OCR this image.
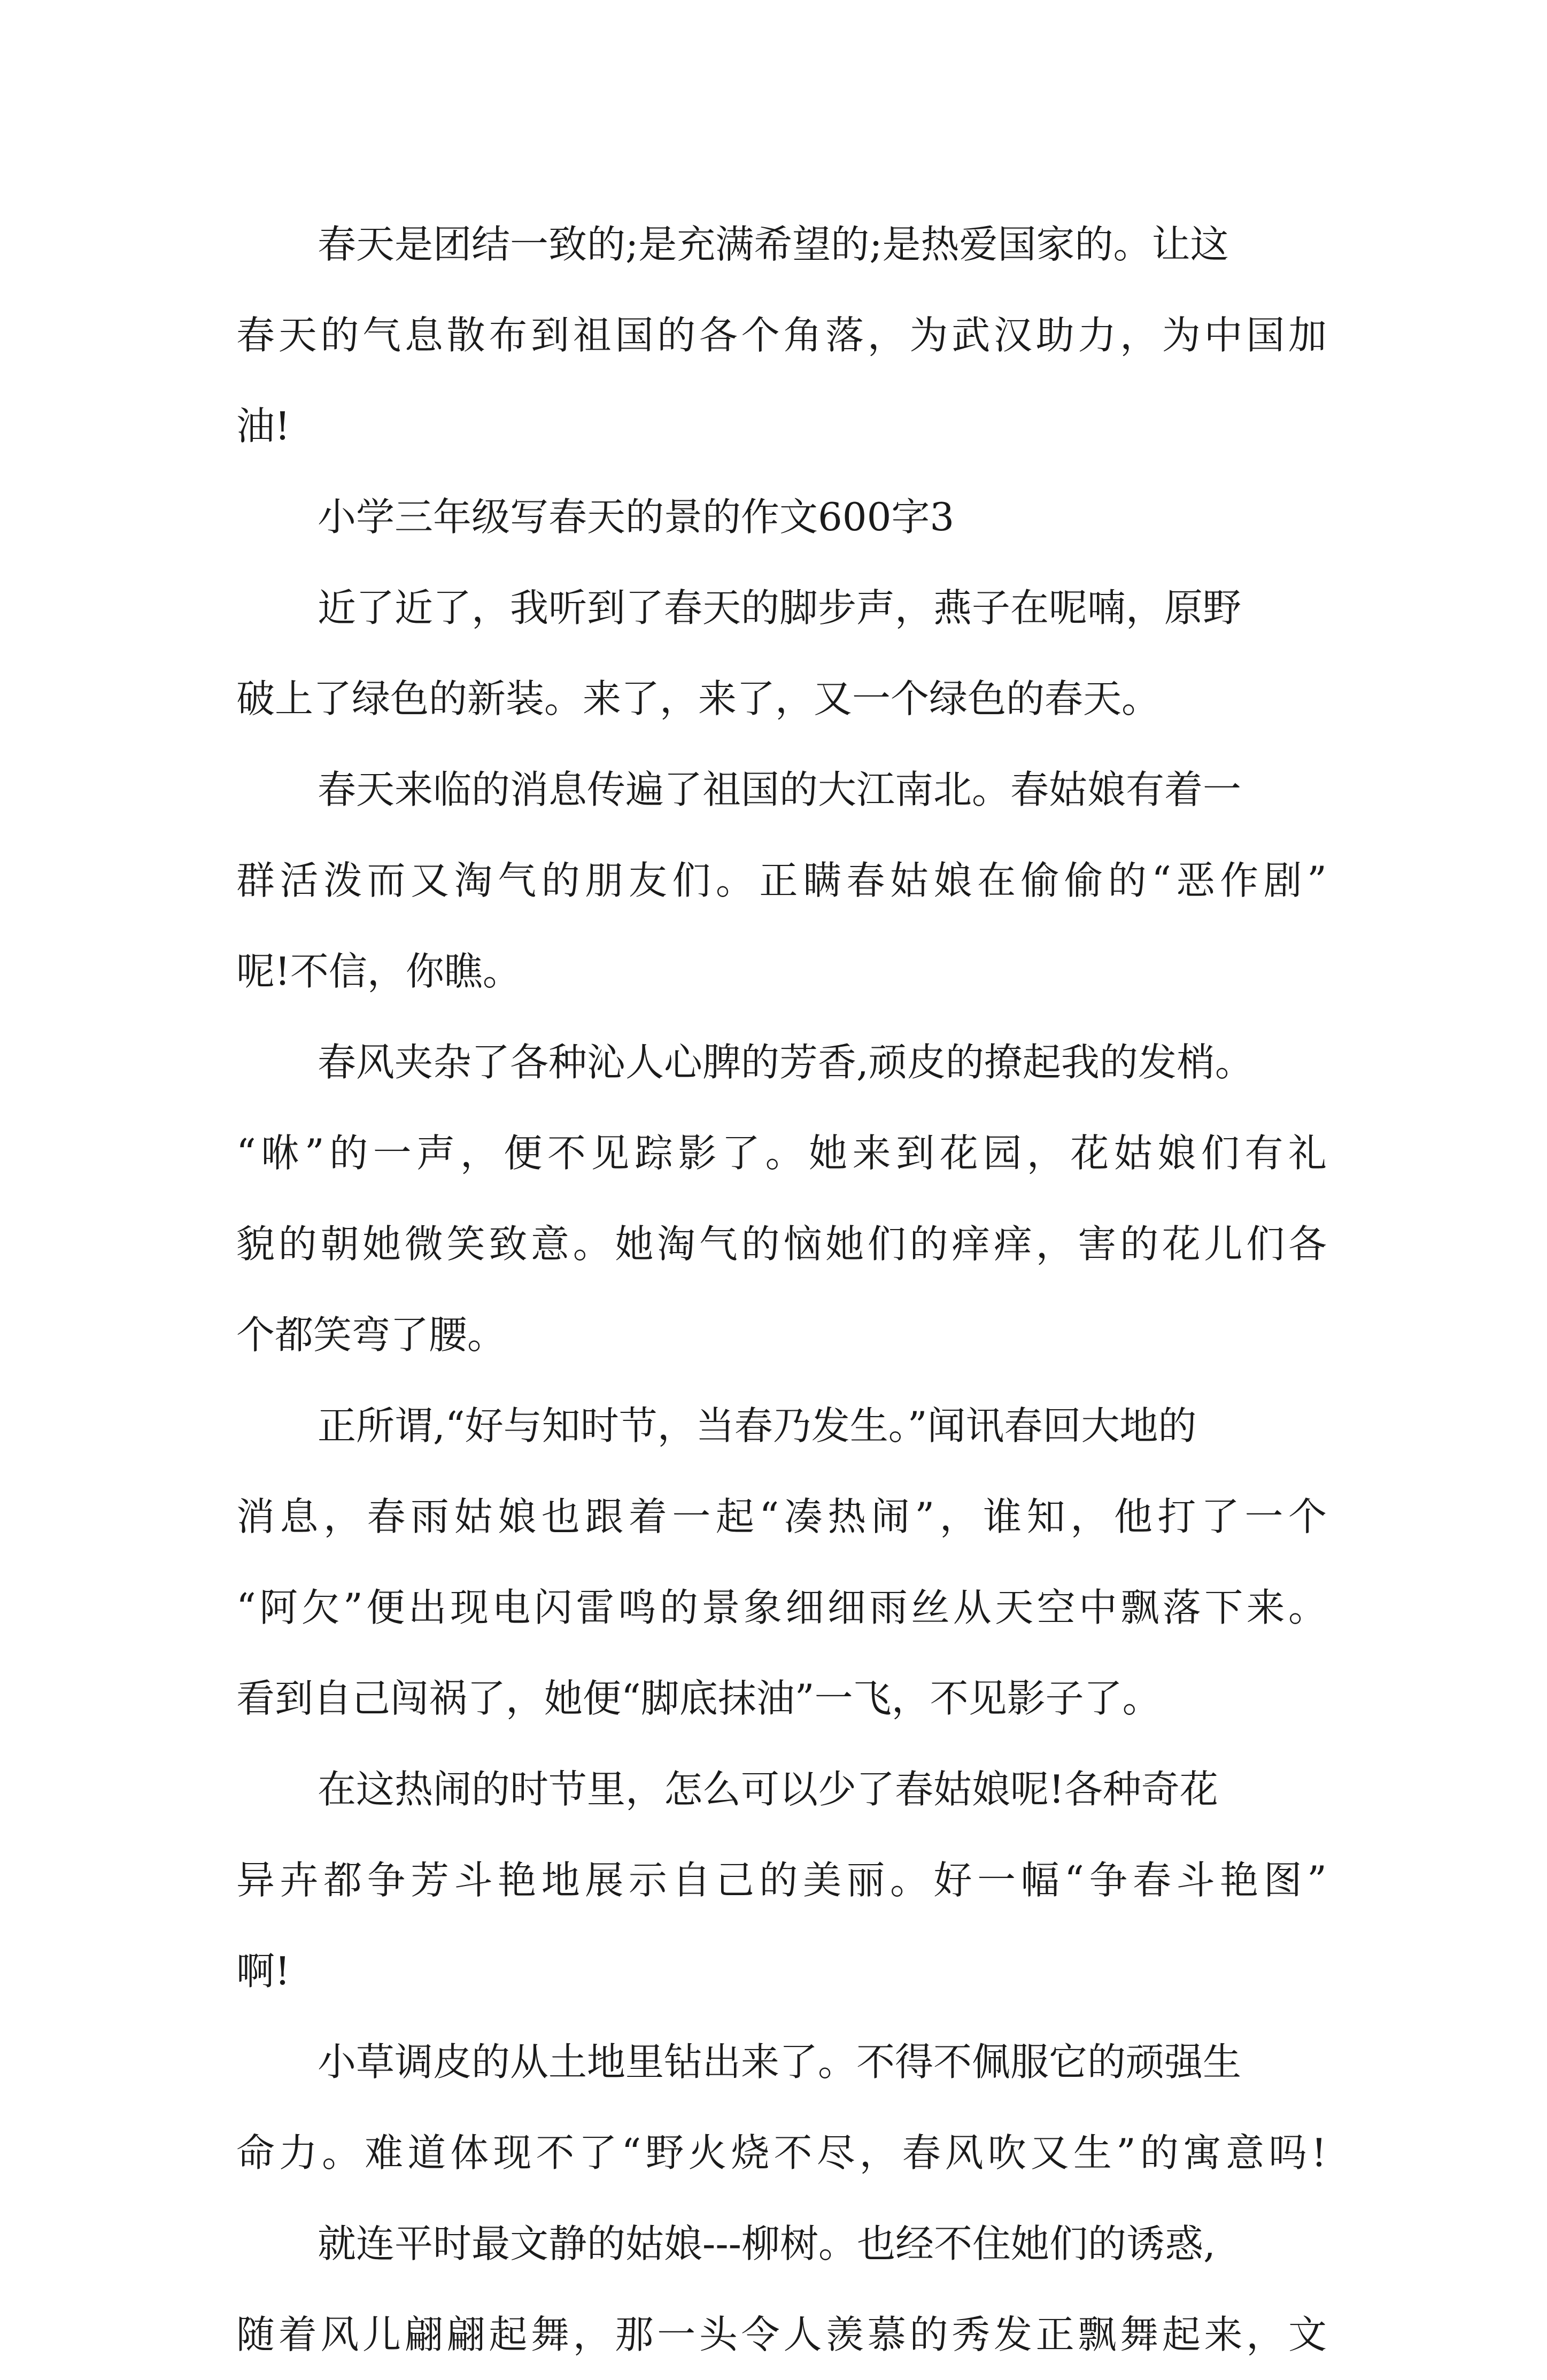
春天是团结一致的;是充满希望的;是热爱国家的。让这
春天的气息散布到祖国的各个角落，为武汉助力，为中国加
油!
小学三年级写春天的景的作文600字3
近了近了，我听到了春天的脚步声，燕子在呢喃，原野
破上了绿色的新装。来了，来了，又一个绿色的春天。
春天来临的消息传遍了祖国的大江南北。春姑娘有着一
群活泼而又淘气的朋友们。正瞒春姑娘在偷偷的“恶作剧”
呢!不信，你瞧。
春风夹杂了各种沁人心脾的芳香,顽皮的撩起我的发梢。
“咻”的一声，便不见踪影了。她来到花园，花姑娘们有礼
貌的朝她微笑致意。她淘气的恼她们的痒痒，害的花儿们各
个都笑弯了腰。
正所谓,“好与知时节，当春乃发生。”闻讯春回大地的
消息，春雨姑娘也跟着一起“凑热闹”，谁知，他打了一个
“阿欠”便出现电闪雷鸣的景象细细雨丝从天空中飘落下来。
看到自己闯祸了，她便“脚底抹油”一飞，不见影子了。
在这热闹的时节里，怎么可以少了春姑娘呢!各种奇花
异卉都争芳斗艳地展示自己的美丽。好一幅“争春斗艳图”
啊!
小草调皮的从土地里钻出来了。不得不佩服它的顽强生
命力。难道体现不了“野火烧不尽，春风吹又生”的寓意吗!
就连平时最文静的姑娘---柳树。也经不住她们的诱惑,
随着风儿翩翩起舞，那一头令人羡慕的秀发正飘舞起来，文
